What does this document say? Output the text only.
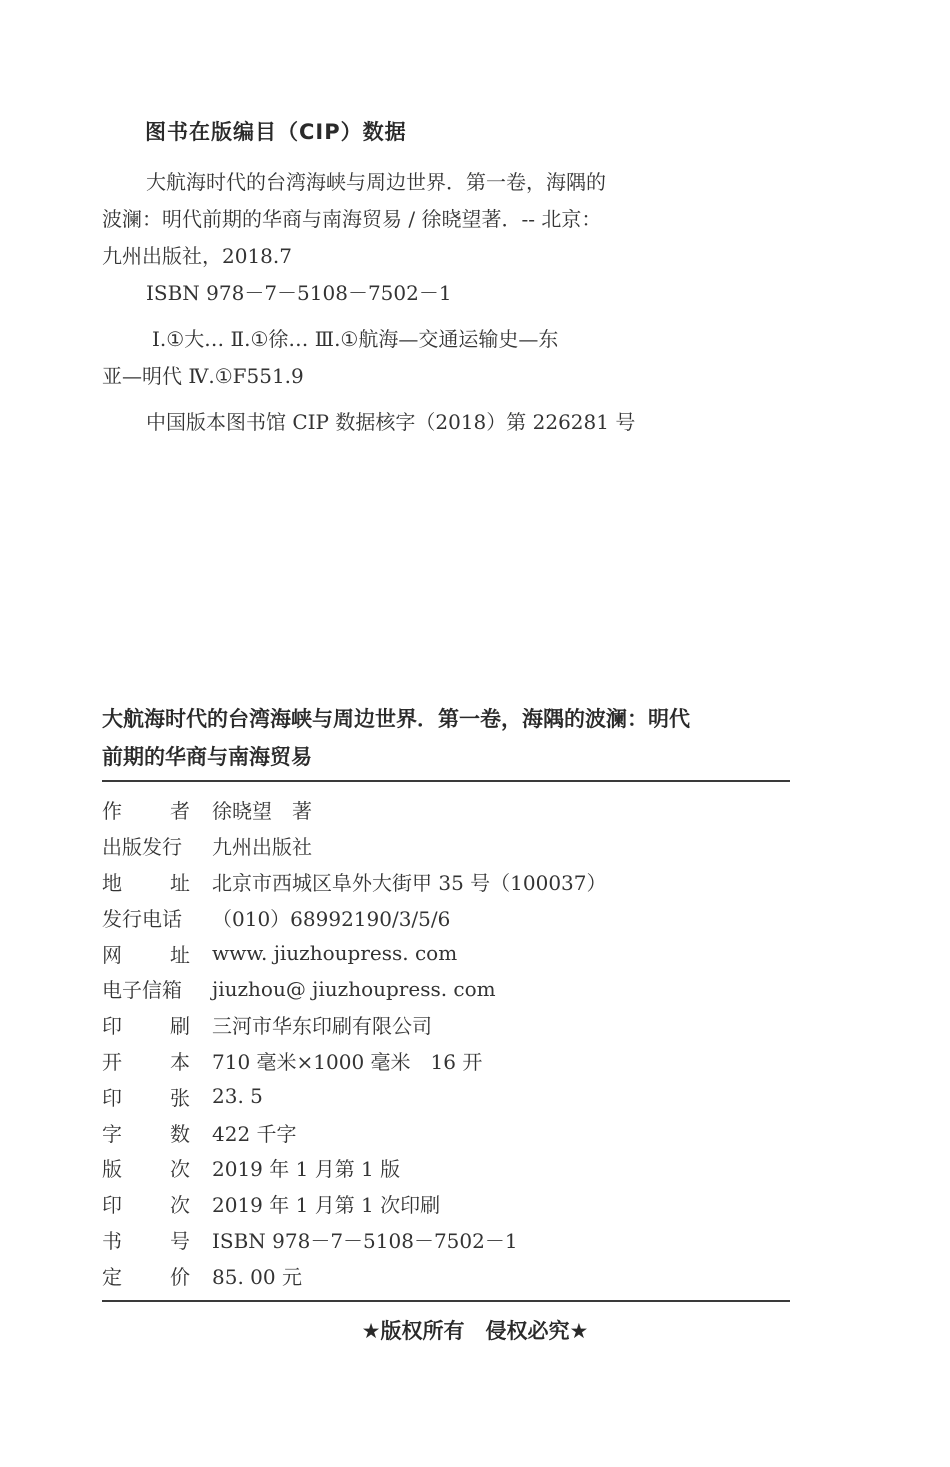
图书在版编目（CIP）数据
大航海时代的台湾海峡与周边世界．第一卷，海隅的
波澜：明代前期的华商与南海贸易 / 徐晓望著．-- 北京：
九州出版社，2018.7
ISBN 978－7－5108－7502－1
Ⅰ.①大… Ⅱ.①徐… Ⅲ.①航海—交通运输史—东
亚—明代 Ⅳ.①F551.9
中国版本图书馆 CIP 数据核字（2018）第 226281 号
大航海时代的台湾海峡与周边世界．第一卷，海隅的波澜：明代
前期的华商与南海贸易
作 者 徐晓望　著
出版发行 九州出版社
地 址 北京市西城区阜外大街甲 35 号（100037）
发行电话 （010）68992190/3/5/6
网 址 www. jiuzhoupress. com
电子信箱 jiuzhou@ jiuzhoupress. com
印 刷 三河市华东印刷有限公司
开 本 710 毫米×1000 毫米　16 开
印 张 23. 5
字 数 422 千字
版 次 2019 年 1 月第 1 版
印 次 2019 年 1 月第 1 次印刷
书 号 ISBN 978－7－5108－7502－1
定 价 85. 00 元
★版权所有　侵权必究★
